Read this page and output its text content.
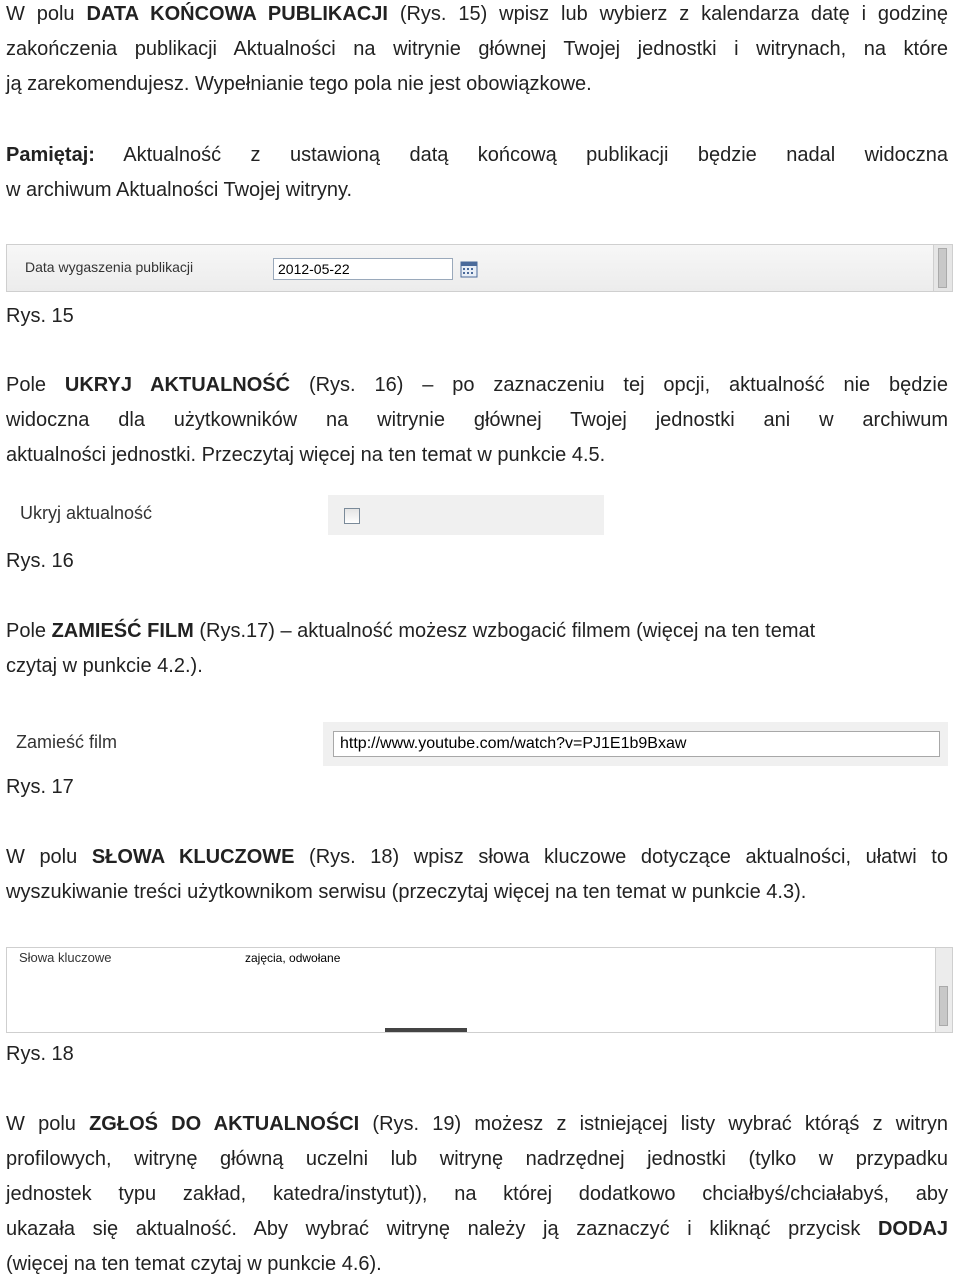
W polu DATA KOŃCOWA PUBLIKACJI (Rys. 15) wpisz lub wybierz z kalendarza datę i godzinę
zakończenia publikacji Aktualności na witrynie głównej Twojej jednostki i witrynach, na które
ją zarekomendujesz. Wypełnianie tego pola nie jest obowiązkowe.
Pamiętaj: Aktualność z ustawioną datą końcową publikacji będzie nadal widoczna
w archiwum Aktualności Twojej witryny.
Data wygaszenia publikacji	2012-05-22
Rys. 15
Pole UKRYJ AKTUALNOŚĆ (Rys. 16) – po zaznaczeniu tej opcji, aktualność nie będzie
widoczna dla użytkowników na witrynie głównej Twojej jednostki ani w archiwum
aktualności jednostki. Przeczytaj więcej na ten temat w punkcie 4.5.
Ukryj aktualność
Rys. 16
Pole ZAMIEŚĆ FILM (Rys.17) – aktualność możesz wzbogacić filmem (więcej na ten temat
czytaj w punkcie 4.2.).
Zamieść film	http://www.youtube.com/watch?v=PJ1E1b9Bxaw
Rys. 17
W polu SŁOWA KLUCZOWE (Rys. 18) wpisz słowa kluczowe dotyczące aktualności, ułatwi to
wyszukiwanie treści użytkownikom serwisu (przeczytaj więcej na ten temat w punkcie 4.3).
Słowa kluczowe	zajęcia, odwołane
Rys. 18
W polu ZGŁOŚ DO AKTUALNOŚCI (Rys. 19) możesz z istniejącej listy wybrać którąś z witryn
profilowych, witrynę główną uczelni lub witrynę nadrzędnej jednostki (tylko w przypadku
jednostek typu zakład, katedra/instytut)), na której dodatkowo chciałbyś/chciałabyś, aby
ukazała się aktualność. Aby wybrać witrynę należy ją zaznaczyć i kliknąć przycisk DODAJ
(więcej na ten temat czytaj w punkcie 4.6).
